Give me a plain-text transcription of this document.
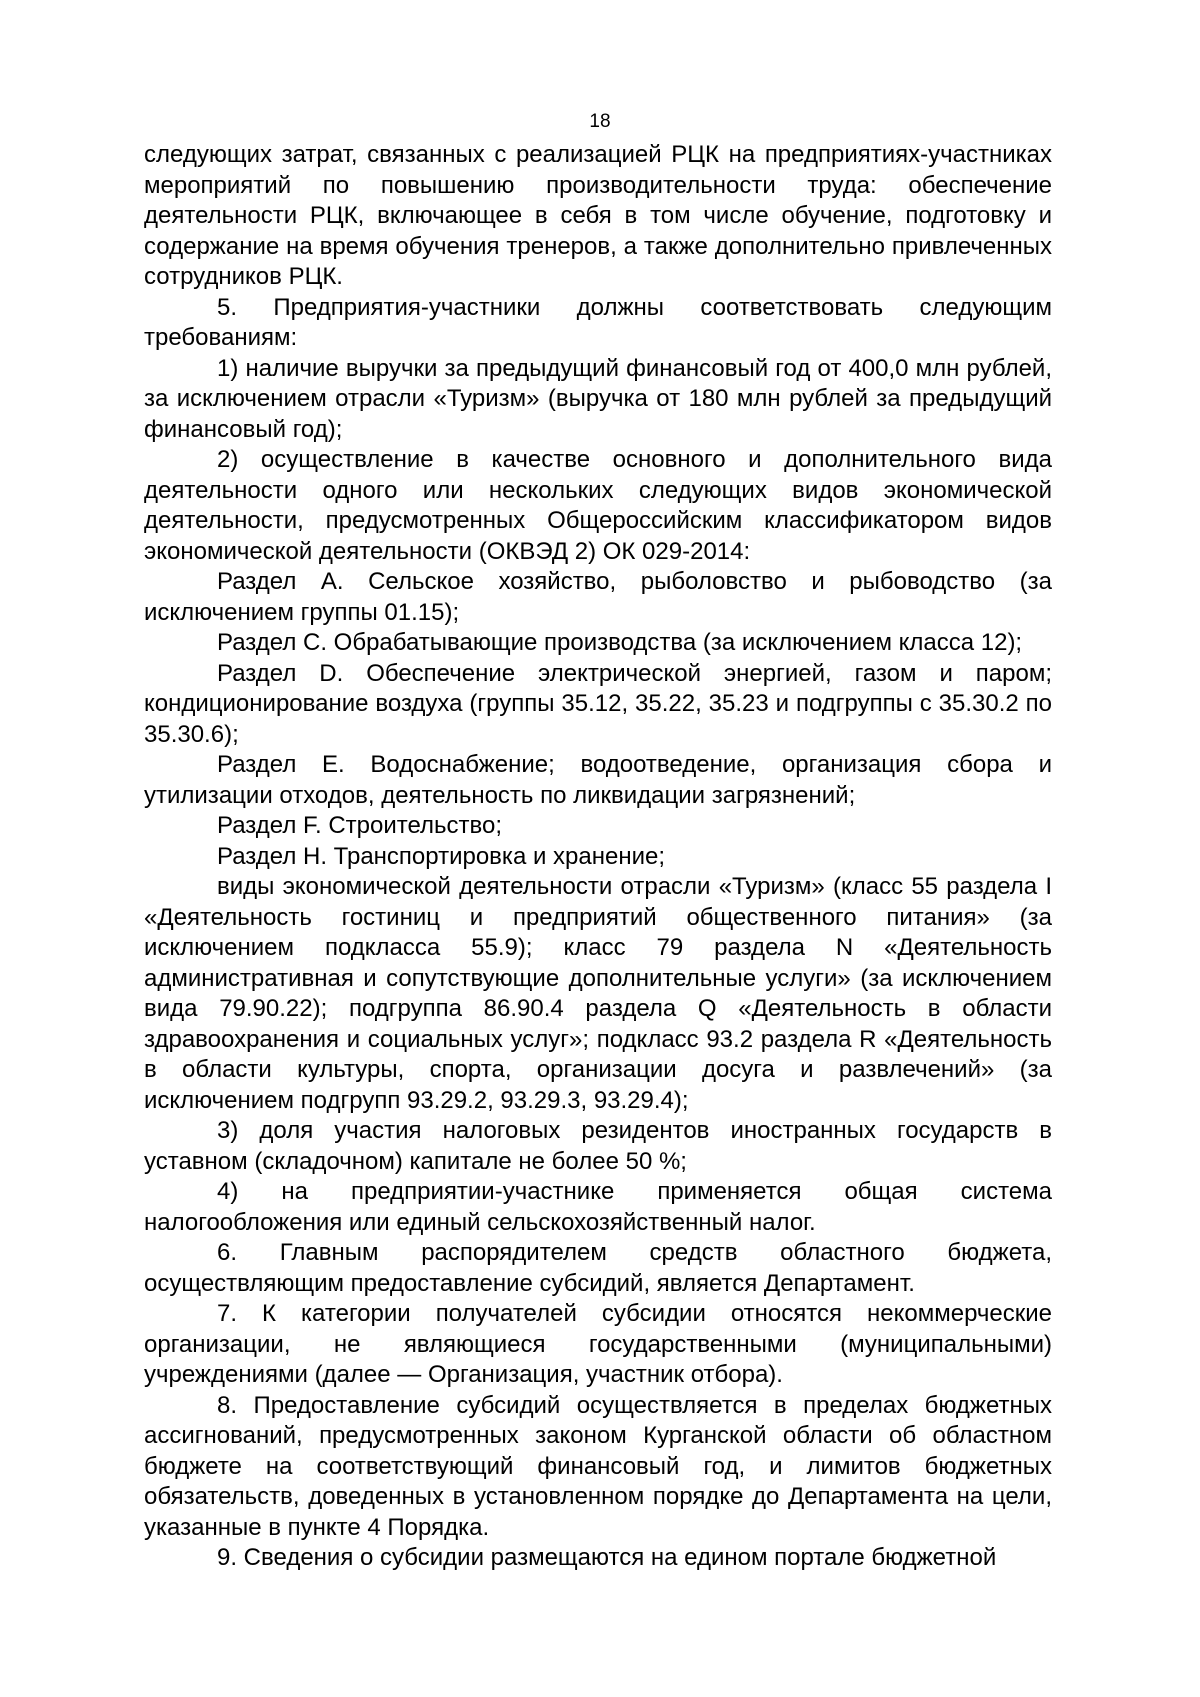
18

следующих затрат, связанных с реализацией РЦК на предприятиях-участниках мероприятий по повышению производительности труда: обеспечение деятельности РЦК, включающее в себя в том числе обучение, подготовку и содержание на время обучения тренеров, а также дополнительно привлеченных сотрудников РЦК.

5. Предприятия-участники должны соответствовать следующим требованиям:

1) наличие выручки за предыдущий финансовый год от 400,0 млн рублей, за исключением отрасли «Туризм» (выручка от 180 млн рублей за предыдущий финансовый год);

2) осуществление в качестве основного и дополнительного вида деятельности одного или нескольких следующих видов экономической деятельности, предусмотренных Общероссийским классификатором видов экономической деятельности (ОКВЭД 2) ОК 029-2014:

Раздел A. Сельское хозяйство, рыболовство и рыбоводство (за исключением группы 01.15);

Раздел C. Обрабатывающие производства (за исключением класса 12);

Раздел D. Обеспечение электрической энергией, газом и паром; кондиционирование воздуха (группы 35.12, 35.22, 35.23 и подгруппы с 35.30.2 по 35.30.6);

Раздел E. Водоснабжение; водоотведение, организация сбора и утилизации отходов, деятельность по ликвидации загрязнений;

Раздел F. Строительство;

Раздел H. Транспортировка и хранение;

виды экономической деятельности отрасли «Туризм» (класс 55 раздела I «Деятельность гостиниц и предприятий общественного питания» (за исключением подкласса 55.9); класс 79 раздела N «Деятельность административная и сопутствующие дополнительные услуги» (за исключением вида 79.90.22); подгруппа 86.90.4 раздела Q «Деятельность в области здравоохранения и социальных услуг»; подкласс 93.2 раздела R «Деятельность в области культуры, спорта, организации досуга и развлечений» (за исключением подгрупп 93.29.2, 93.29.3, 93.29.4);

3) доля участия налоговых резидентов иностранных государств в уставном (складочном) капитале не более 50 %;

4) на предприятии-участнике применяется общая система налогообложения или единый сельскохозяйственный налог.

6. Главным распорядителем средств областного бюджета, осуществляющим предоставление субсидий, является Департамент.

7. К категории получателей субсидии относятся некоммерческие организации, не являющиеся государственными (муниципальными) учреждениями (далее — Организация, участник отбора).

8. Предоставление субсидий осуществляется в пределах бюджетных ассигнований, предусмотренных законом Курганской области об областном бюджете на соответствующий финансовый год, и лимитов бюджетных обязательств, доведенных в установленном порядке до Департамента на цели, указанные в пункте 4 Порядка.

9. Сведения о субсидии размещаются на едином портале бюджетной
